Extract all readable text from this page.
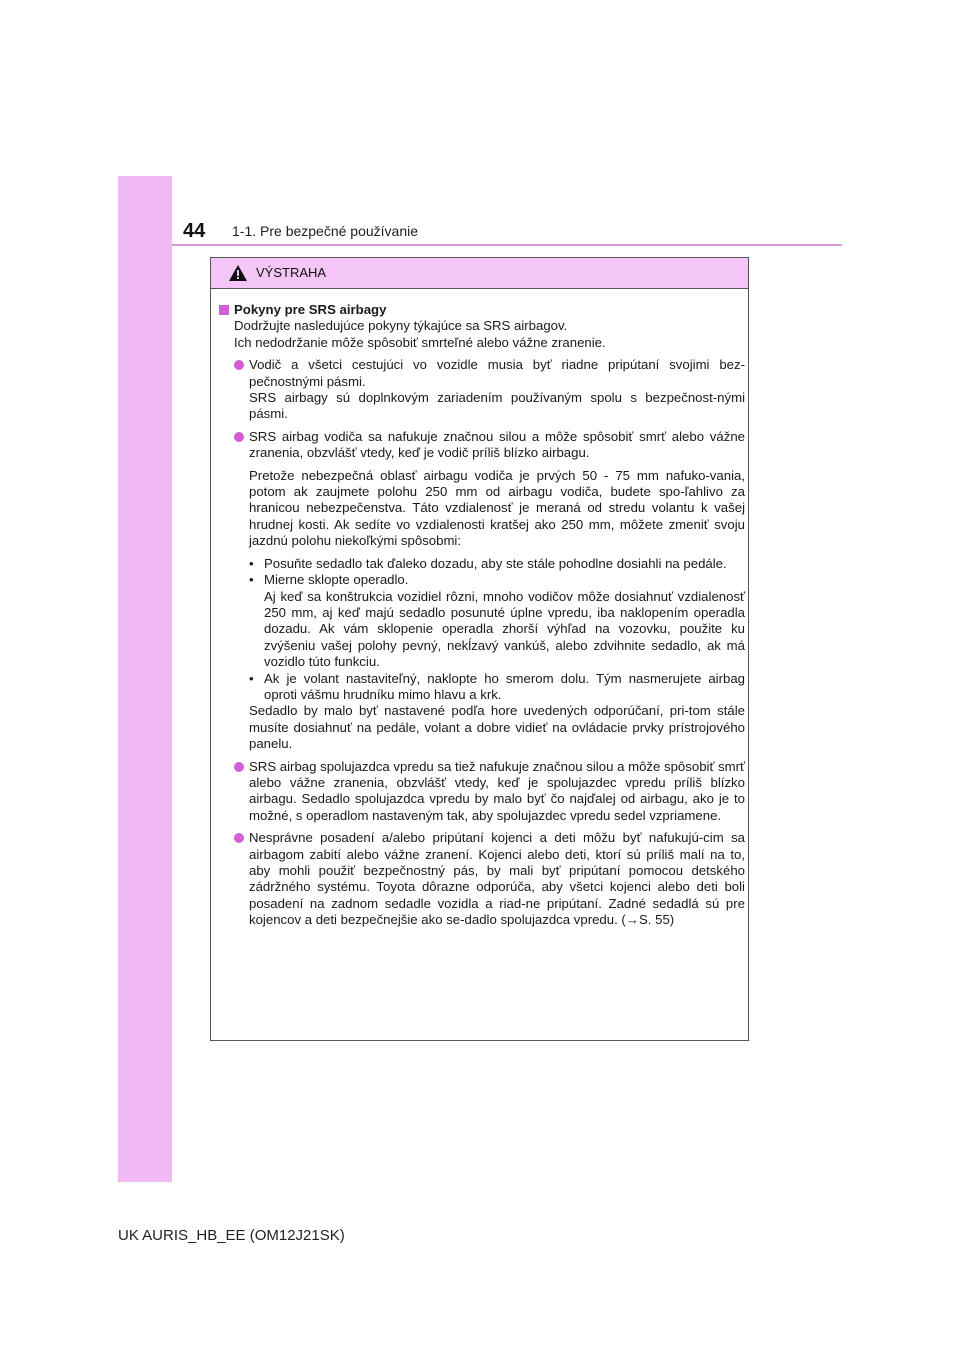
44 1-1. Pre bezpečné používanie
VÝSTRAHA
Pokyny pre SRS airbagy

Dodržujte nasledujúce pokyny týkajúce sa SRS airbagov.

Ich nedodržanie môže spôsobiť smrteľné alebo vážne zranenie.

Vodič a všetci cestujúci vo vozidle musia byť riadne pripútaní svojimi bez-pečnostnými pásmi.
SRS airbagy sú doplnkovým zariadením používaným spolu s bezpečnost-nými pásmi.
SRS airbag vodiča sa nafukuje značnou silou a môže spôsobiť smrť alebo vážne zranenia, obzvlášť vtedy, keď je vodič príliš blízko airbagu.
Pretože nebezpečná oblasť airbagu vodiča je prvých 50 - 75 mm nafuko-vania, potom ak zaujmete polohu 250 mm od airbagu vodiča, budete spo-ľahlivo za hranicou nebezpečenstva. Táto vzdialenosť je meraná od stredu volantu k vašej hrudnej kosti. Ak sedíte vo vzdialenosti kratšej ako 250 mm, môžete zmeniť svoju jazdnú polohu niekoľkými spôsobmi:
• Posuňte sedadlo tak ďaleko dozadu, aby ste stále pohodlne dosiahli na pedále.
• Mierne sklopte operadlo.
Aj keď sa konštrukcia vozidiel rôzni, mnoho vodičov môže dosiahnuť vzdialenosť 250 mm, aj keď majú sedadlo posunuté úplne vpredu, iba naklopením operadla dozadu. Ak vám sklopenie operadla zhorší výhľad na vozovku, použite ku zvýšeniu vašej polohy pevný, nekĺzavý vankúš, alebo zdvihnite sedadlo, ak má vozidlo túto funkciu.
• Ak je volant nastaviteľný, naklopte ho smerom dolu. Tým nasmerujete airbag oproti vášmu hrudníku mimo hlavu a krk.
Sedadlo by malo byť nastavené podľa hore uvedených odporúčaní, pri-tom stále musíte dosiahnuť na pedále, volant a dobre vidieť na ovládacie prvky prístrojového panelu.
SRS airbag spolujazdca vpredu sa tiež nafukuje značnou silou a môže spôsobiť smrť alebo vážne zranenia, obzvlášť vtedy, keď je spolujazdec vpredu príliš blízko airbagu. Sedadlo spolujazdca vpredu by malo byť čo najďalej od airbagu, ako je to možné, s operadlom nastaveným tak, aby spolujazdec vpredu sedel vzpriamene.
Nesprávne posadení a/alebo pripútaní kojenci a deti môžu byť nafukujú-cim sa airbagom zabití alebo vážne zranení. Kojenci alebo deti, ktorí sú príliš malí na to, aby mohli použiť bezpečnostný pás, by mali byť pripútaní pomocou detského zádržného systému. Toyota dôrazne odporúča, aby všetci kojenci alebo deti boli posadení na zadnom sedadle vozidla a riad-ne pripútaní. Zadné sedadlá sú pre kojencov a deti bezpečnejšie ako se-dadlo spolujazdca vpredu. (→S. 55)
UK AURIS_HB_EE (OM12J21SK)
